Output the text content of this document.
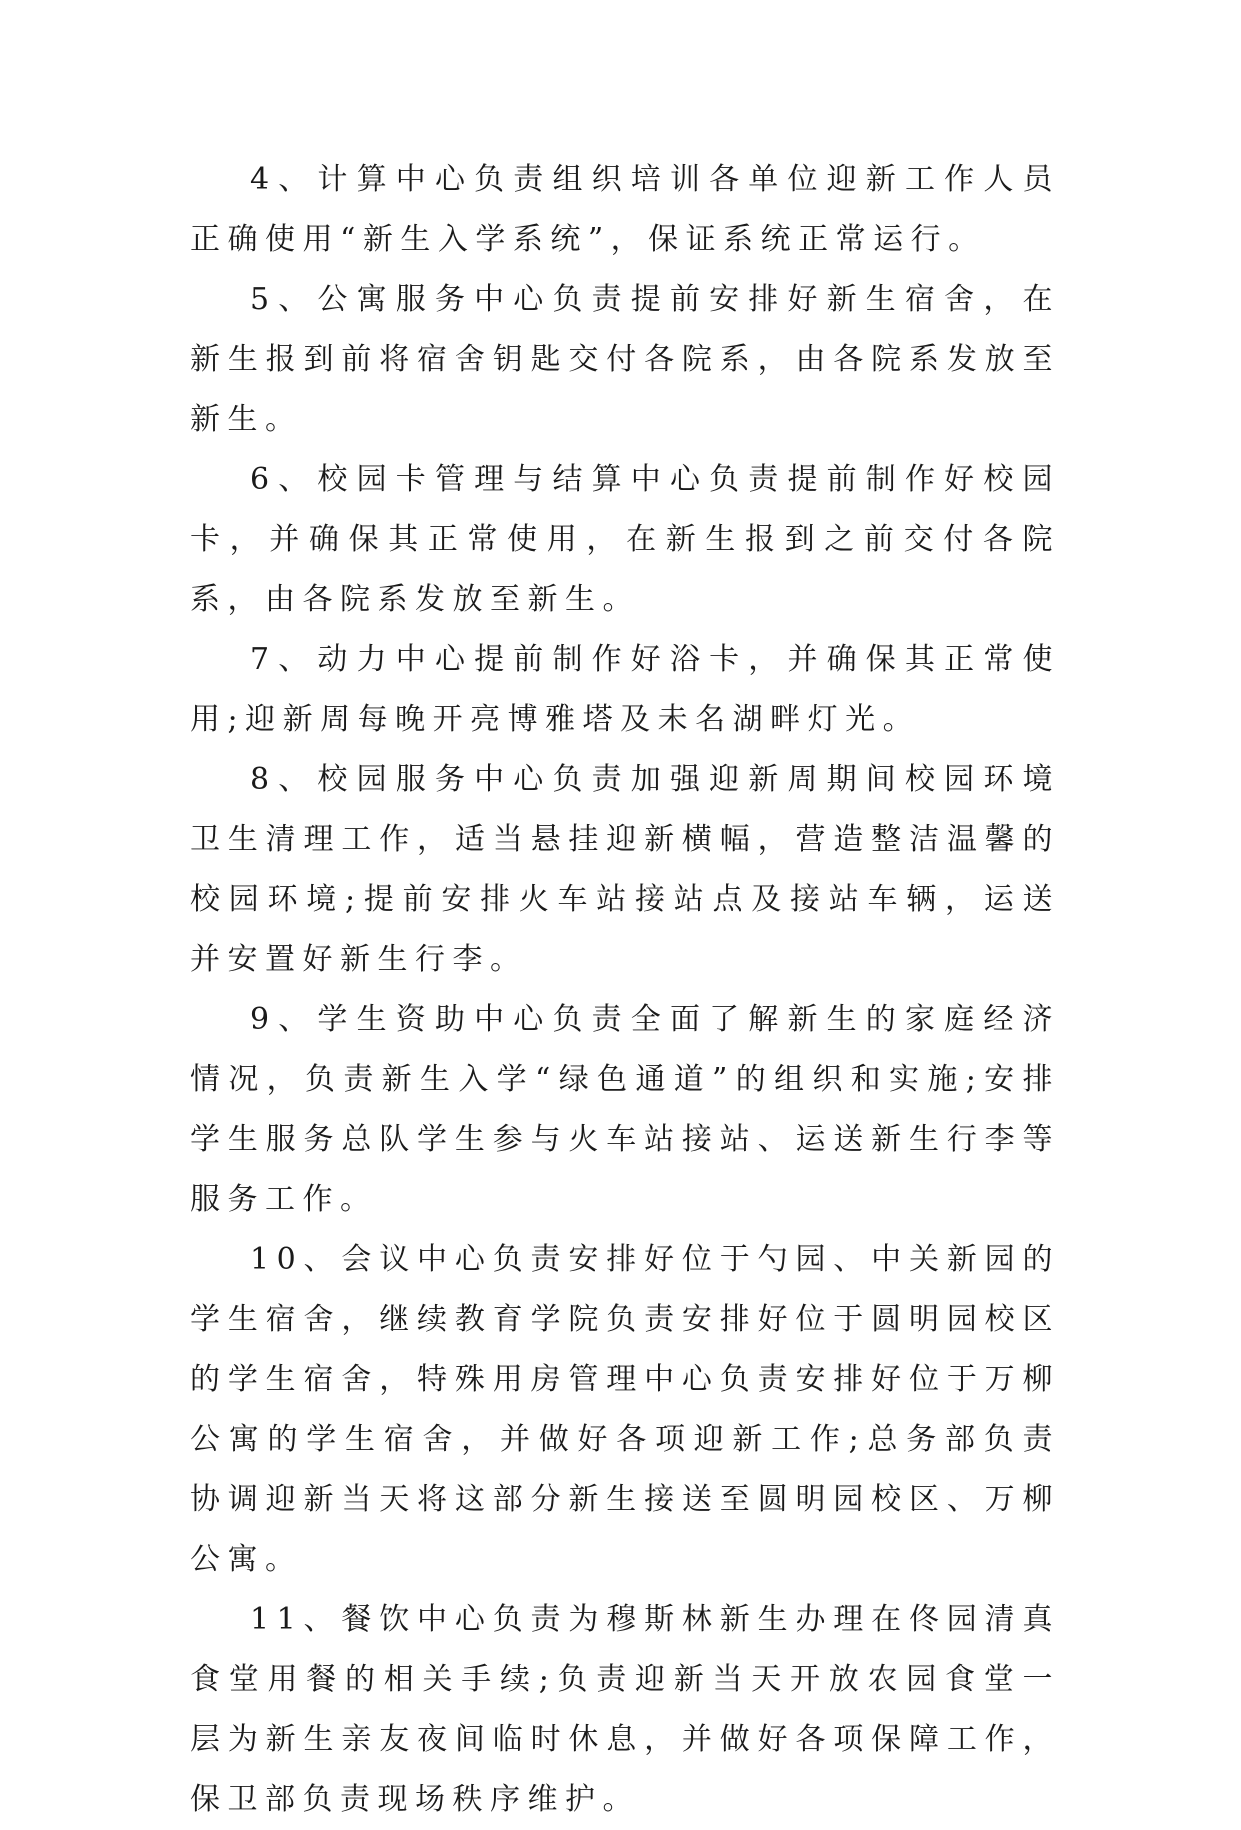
4、计算中心负责组织培训各单位迎新工作人员正确使用“新生入学系统”，保证系统正常运行。

5、公寓服务中心负责提前安排好新生宿舍，在新生报到前将宿舍钥匙交付各院系，由各院系发放至新生。

6、校园卡管理与结算中心负责提前制作好校园卡，并确保其正常使用，在新生报到之前交付各院系，由各院系发放至新生。

7、动力中心提前制作好浴卡，并确保其正常使用;迎新周每晚开亮博雅塔及未名湖畔灯光。

8、校园服务中心负责加强迎新周期间校园环境卫生清理工作，适当悬挂迎新横幅，营造整洁温馨的校园环境;提前安排火车站接站点及接站车辆，运送并安置好新生行李。

9、学生资助中心负责全面了解新生的家庭经济情况，负责新生入学“绿色通道”的组织和实施;安排学生服务总队学生参与火车站接站、运送新生行李等服务工作。

10、会议中心负责安排好位于勺园、中关新园的学生宿舍，继续教育学院负责安排好位于圆明园校区的学生宿舍，特殊用房管理中心负责安排好位于万柳公寓的学生宿舍，并做好各项迎新工作;总务部负责协调迎新当天将这部分新生接送至圆明园校区、万柳公寓。

11、餐饮中心负责为穆斯林新生办理在佟园清真食堂用餐的相关手续;负责迎新当天开放农园食堂一层为新生亲友夜间临时休息，并做好各项保障工作，保卫部负责现场秩序维护。
